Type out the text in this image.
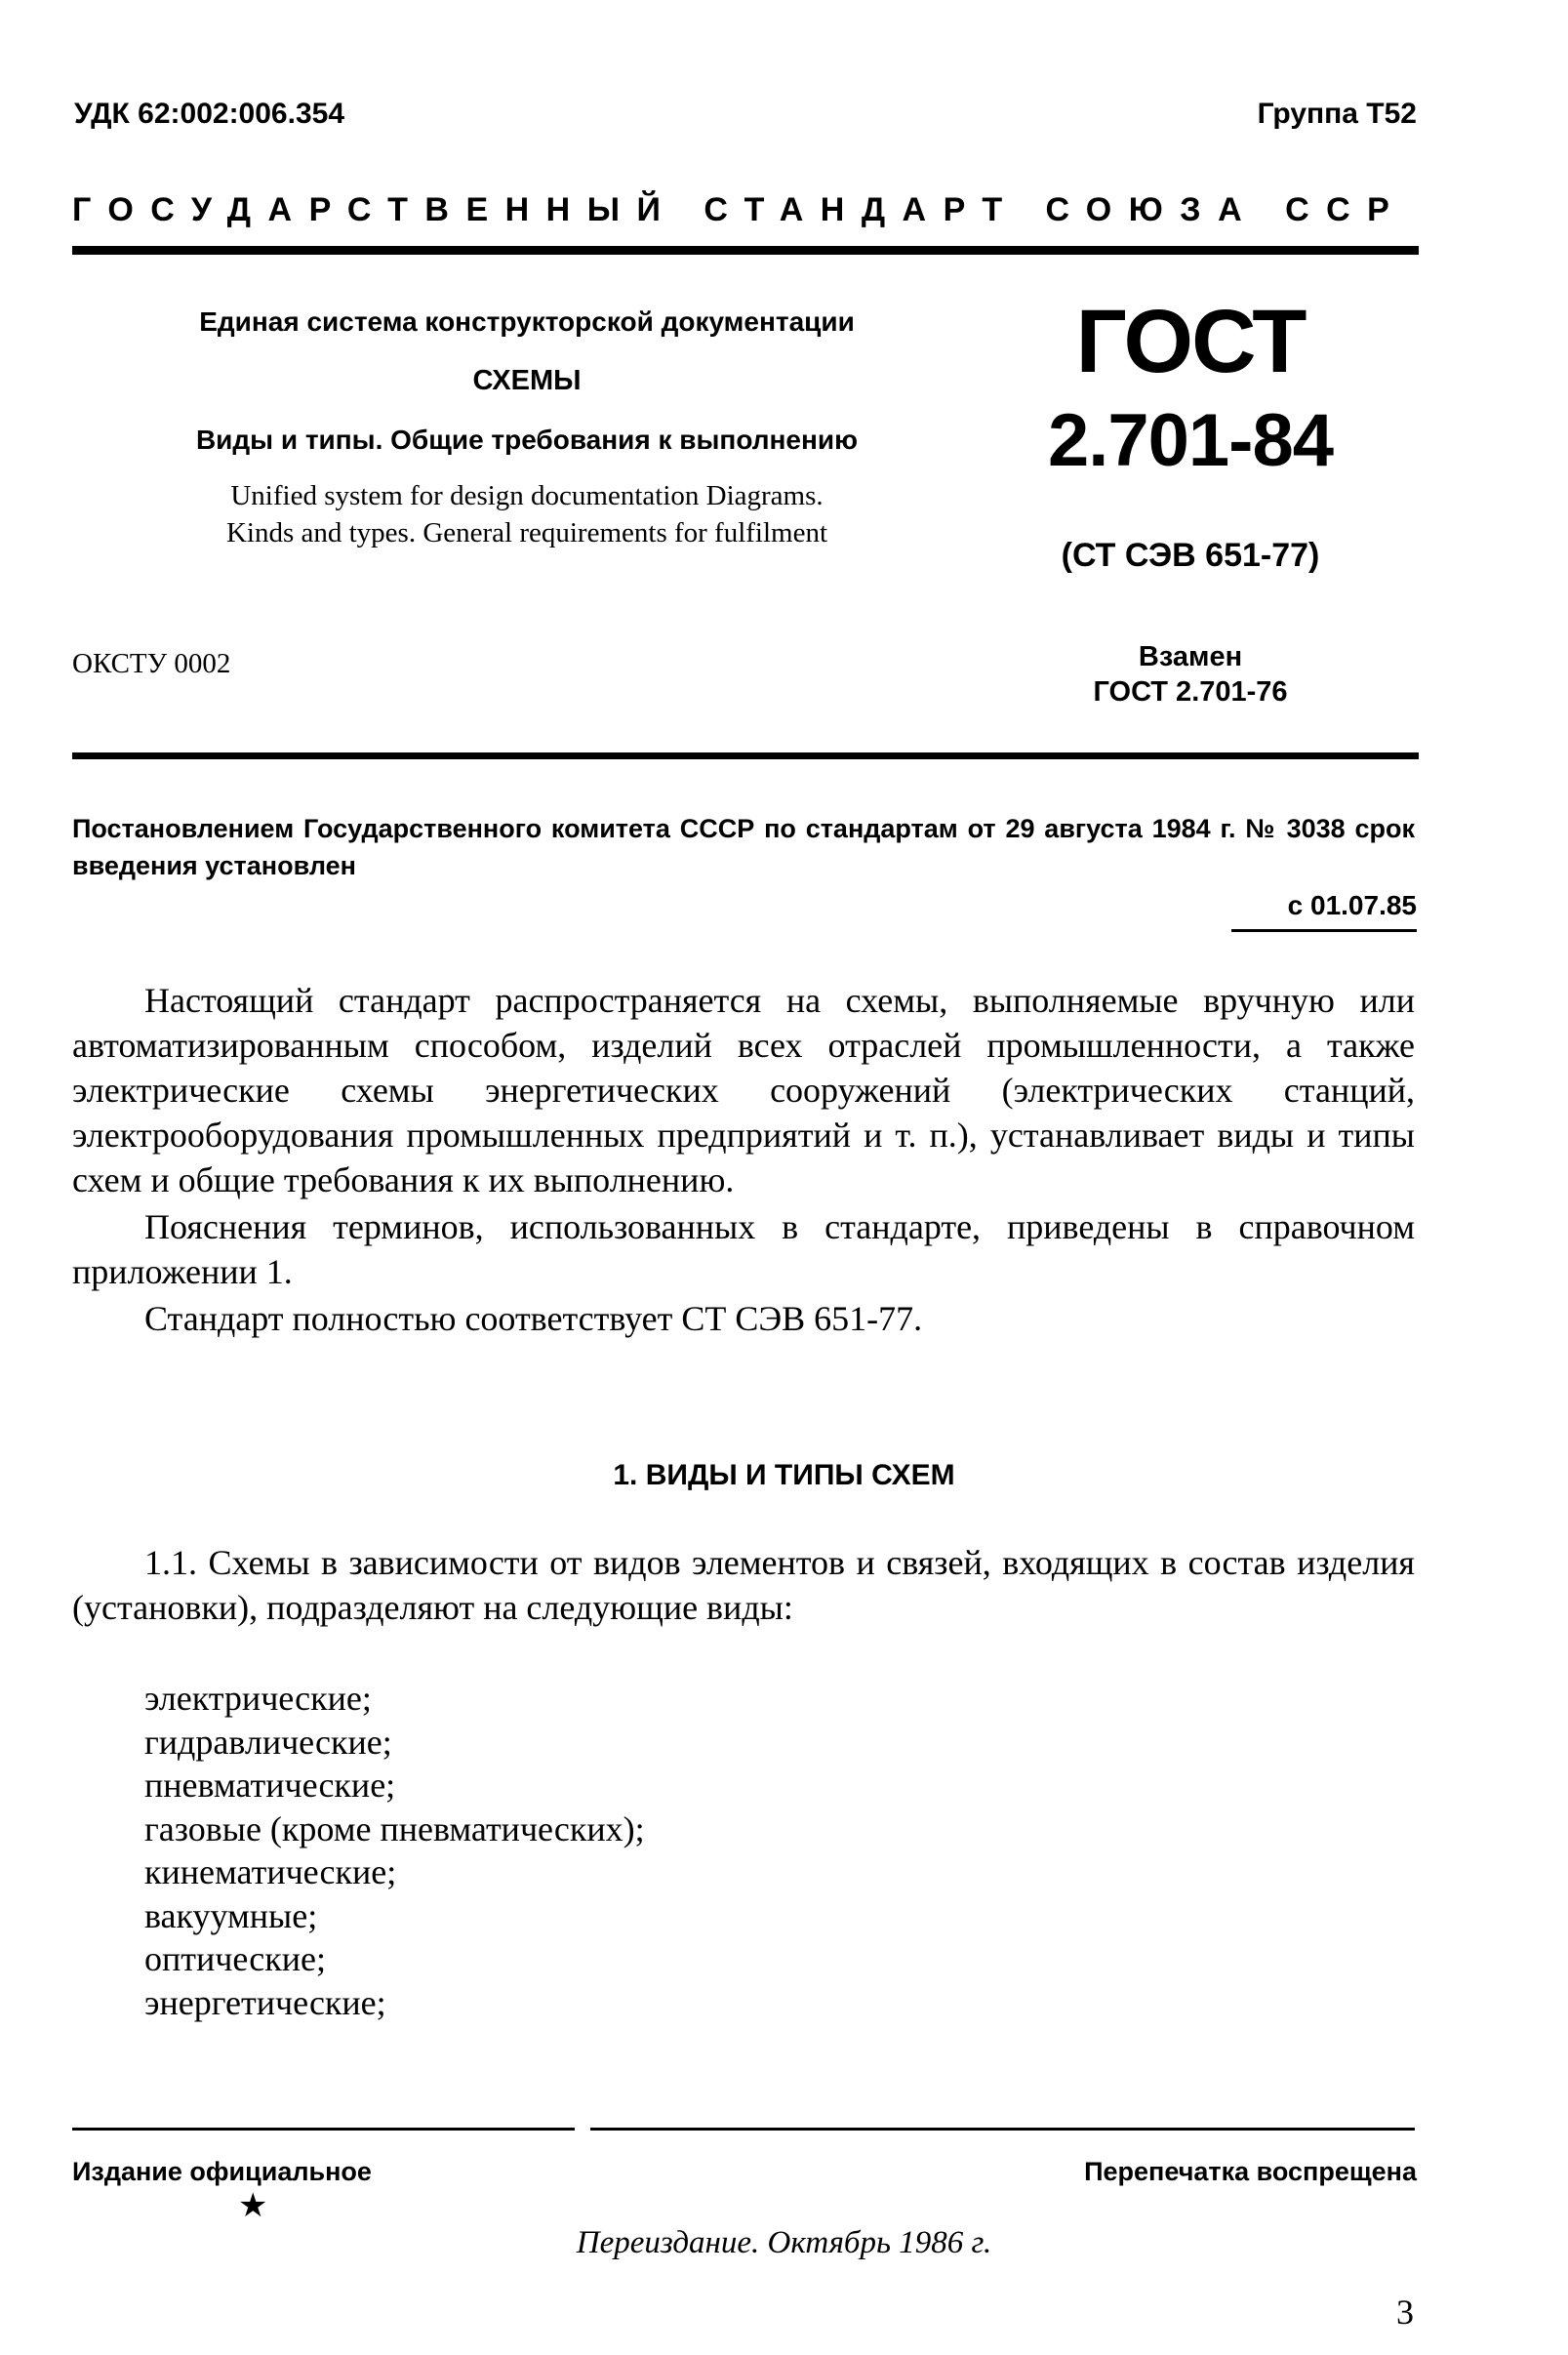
УДК 62:002:006.354	Группа Т52
ГОСУДАРСТВЕННЫЙ СТАНДАРТ СОЮЗА ССР
Единая система конструкторской документации
СХЕМЫ
Виды и типы. Общие требования к выполнению
Unified system for design documentation Diagrams.
Kinds and types. General requirements for fulfilment
ГОСТ
2.701-84
(СТ СЭВ 651-77)
Взамен
ГОСТ 2.701-76
ОКСТУ 0002
Постановлением Государственного комитета СССР по стандартам от 29 августа 1984 г. № 3038 срок введения установлен
с 01.07.85

Настоящий стандарт распространяется на схемы, выполняемые вручную или автоматизированным способом, изделий всех отраслей промышленности, а также электрические схемы энергетических сооружений (электрических станций, электрооборудования промышленных предприятий и т. п.), устанавливает виды и типы схем и общие требования к их выполнению.

Пояснения терминов, использованных в стандарте, приведены в справочном приложении 1.

Стандарт полностью соответствует СТ СЭВ 651-77.

1. ВИДЫ И ТИПЫ СХЕМ
1.1. Схемы в зависимости от видов элементов и связей, входящих в состав изделия (установки), подразделяют на следующие виды:
электрические;
гидравлические;
пневматические;
газовые (кроме пневматических);
кинематические;
вакуумные;
оптические;
энергетические;
Издание официальное
★
Перепечатка воспрещена
Переиздание. Октябрь 1986 г.
3
